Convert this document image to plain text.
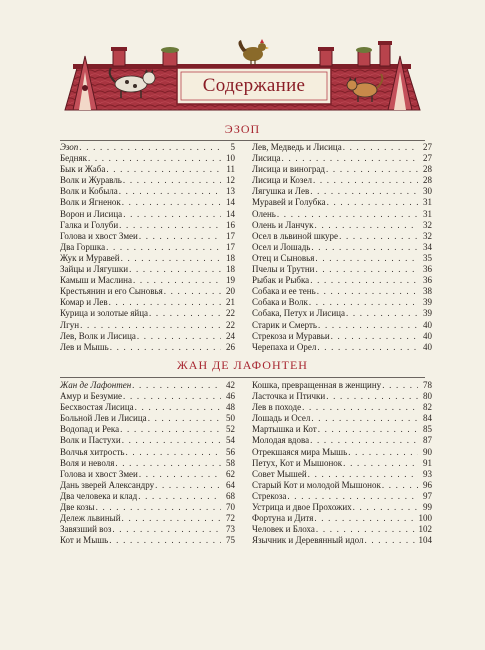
Содержание
ЭЗОП
Эзоп . . .	5
Бедняк . . .	10
Бык и Жаба . . .	11
Волк и Журавль . . .	12
Волк и Кобыла . . .	13
Волк и Ягненок . . .	14
Ворон и Лисица . . .	14
Галка и Голуби . . .	16
Голова и хвост Змеи . . .	17
Два Горшка . . .	17
Жук и Муравей . . .	18
Зайцы и Лягушки . . .	18
Камыш и Маслина . . .	19
Крестьянин и его Сыновья . . .	20
Комар и Лев . . .	21
Курица и золотые яйца . . .	22
Лгун . . .	22
Лев, Волк и Лисица . . .	24
Лев и Мышь . . .	26
Лев, Медведь и Лисица . . .	27
Лисица . . .	27
Лисица и виноград . . .	28
Лисица и Козел . . .	28
Лягушка и Лев . . .	30
Муравей и Голубка . . .	31
Олень . . .	31
Олень и Ланчук . . .	32
Осел в львиной шкуре . . .	32
Осел и Лошадь . . .	34
Отец и Сыновья . . .	35
Пчелы и Трутни . . .	36
Рыбак и Рыбка . . .	36
Собака и ее тень . . .	38
Собака и Волк . . .	39
Собака, Петух и Лисица . . .	39
Старик и Смерть . . .	40
Стрекоза и Муравьи . . .	40
Черепаха и Орел . . .	40
ЖАН ДЕ ЛАФОНТЕН
Жан де Лафонтен . . .	42
Амур и Безумие . . .	46
Бесхвостая Лисица . . .	48
Больной Лев и Лисица . . .	50
Водопад и Река . . .	52
Волк и Пастухи . . .	54
Волчья хитрость . . .	56
Воля и неволя . . .	58
Голова и хвост Змеи . . .	62
Дань зверей Александру . . .	64
Два человека и клад . . .	68
Две козы . . .	70
Дележ львиный . . .	72
Завязший воз . . .	73
Кот и Мышь . . .	75
Кошка, превращенная в женщину . . .	78
Ласточка и Птички . . .	80
Лев в походе . . .	82
Лошадь и Осел . . .	84
Мартышка и Кот . . .	85
Молодая вдова . . .	87
Отрекшаяся мира Мышь . . .	90
Петух, Кот и Мышонок . . .	91
Совет Мышей . . .	93
Старый Кот и молодой Мышонок . . .	96
Стрекоза . . .	97
Устрица и двое Прохожих . . .	99
Фортуна и Дитя . . .	100
Человек и Блоха . . .	102
Язычник и Деревянный идол . . .	104
